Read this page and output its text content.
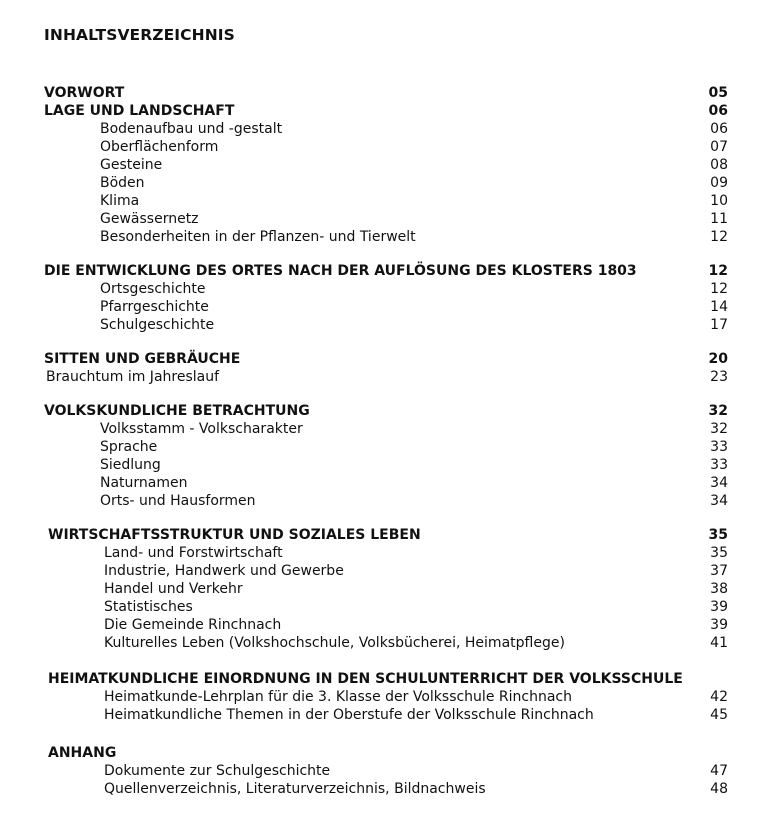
INHALTSVERZEICHNIS
VORWORT	05
LAGE UND LANDSCHAFT	06
Bodenaufbau und -gestalt	06
Oberflächenform	07
Gesteine	08
Böden	09
Klima	10
Gewässernetz	11
Besonderheiten in der Pflanzen- und Tierwelt	12
DIE ENTWICKLUNG DES ORTES NACH DER AUFLÖSUNG DES KLOSTERS 1803	12
Ortsgeschichte	12
Pfarrgeschichte	14
Schulgeschichte	17
SITTEN UND GEBRÄUCHE	20
Brauchtum im Jahreslauf	23
VOLKSKUNDLICHE BETRACHTUNG	32
Volksstamm - Volkscharakter	32
Sprache	33
Siedlung	33
Naturnamen	34
Orts- und Hausformen	34
WIRTSCHAFTSSTRUKTUR UND SOZIALES LEBEN	35
Land- und Forstwirtschaft	35
Industrie, Handwerk und Gewerbe	37
Handel und Verkehr	38
Statistisches	39
Die Gemeinde Rinchnach	39
Kulturelles Leben (Volkshochschule, Volksbücherei, Heimatpflege)	41
HEIMATKUNDLICHE EINORDNUNG IN DEN SCHULUNTERRICHT DER VOLKSSCHULE
Heimatkunde-Lehrplan für die 3. Klasse der Volksschule Rinchnach	42
Heimatkundliche Themen in der Oberstufe der Volksschule Rinchnach	45
ANHANG
Dokumente zur Schulgeschichte	47
Quellenverzeichnis, Literaturverzeichnis, Bildnachweis	48
